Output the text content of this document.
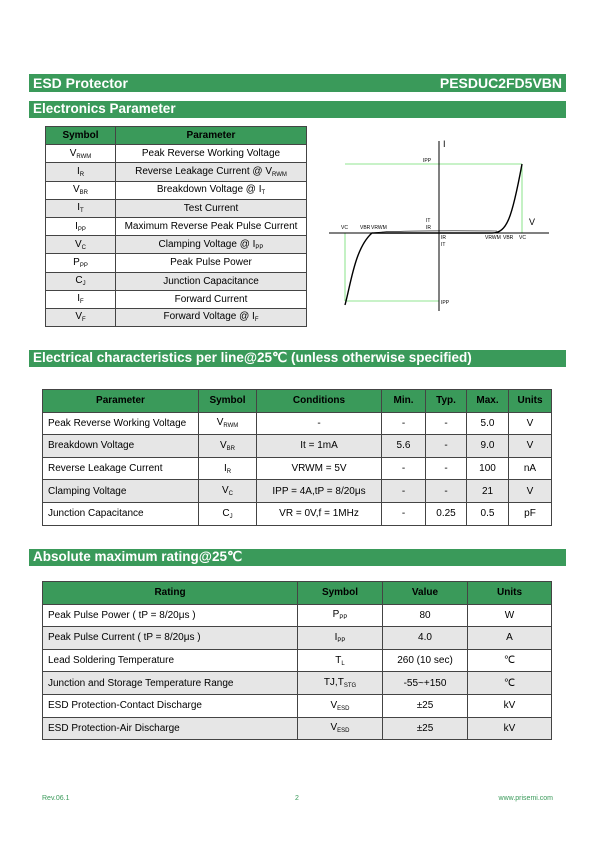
ESD Protector	PESDUC2FD5VBN
Electronics Parameter
Symbol	Parameter
$V_{RWM}$	Peak Reverse Working Voltage
$I_R$	Reverse Leakage Current @ $V_{RWM}$
$V_{BR}$	Breakdown Voltage @ $I_T$
$I_T$	Test Current
$I_{PP}$	Maximum Reverse Peak Pulse Current
$V_C$	Clamping Voltage @ $I_{PP}$
$P_{PP}$	Peak Pulse Power
$C_J$	Junction Capacitance
$I_F$	Forward Current
$V_F$	Forward Voltage @ $I_F$
I
V
IPP
IPP
IT
IR
IR
IT
VC VBR VRWM
VRWM VBR VC
Electrical characteristics per line@25℃ (unless otherwise specified)
Parameter	Symbol	Conditions	Min.	Typ.	Max.	Units
Peak Reverse Working Voltage	$V_{RWM}$	-	-	-	5.0	V
Breakdown Voltage	$V_{BR}$	It = 1mA	5.6	-	9.0	V
Reverse Leakage Current	$I_R$	VRWM = 5V	-	-	100	nA
Clamping Voltage	$V_C$	IPP = 4A,tP = 8/20μs	-	-	21	V
Junction Capacitance	$C_J$	VR = 0V,f = 1MHz	-	0.25	0.5	pF
Absolute maximum rating@25℃
Rating	Symbol	Value	Units
Peak Pulse Power ( tP = 8/20μs )	$P_{PP}$	80	W
Peak Pulse Current ( tP = 8/20μs )	$I_{PP}$	4.0	A
Lead Soldering Temperature	$T_L$	260 (10 sec)	℃
Junction and Storage Temperature Range	$TJ,T_{STG}$	-55~+150	℃
ESD Protection-Contact Discharge	$V_{ESD}$	±25	kV
ESD Protection-Air Discharge	$V_{ESD}$	±25	kV
Rev.06.1	2	www.prisemi.com
